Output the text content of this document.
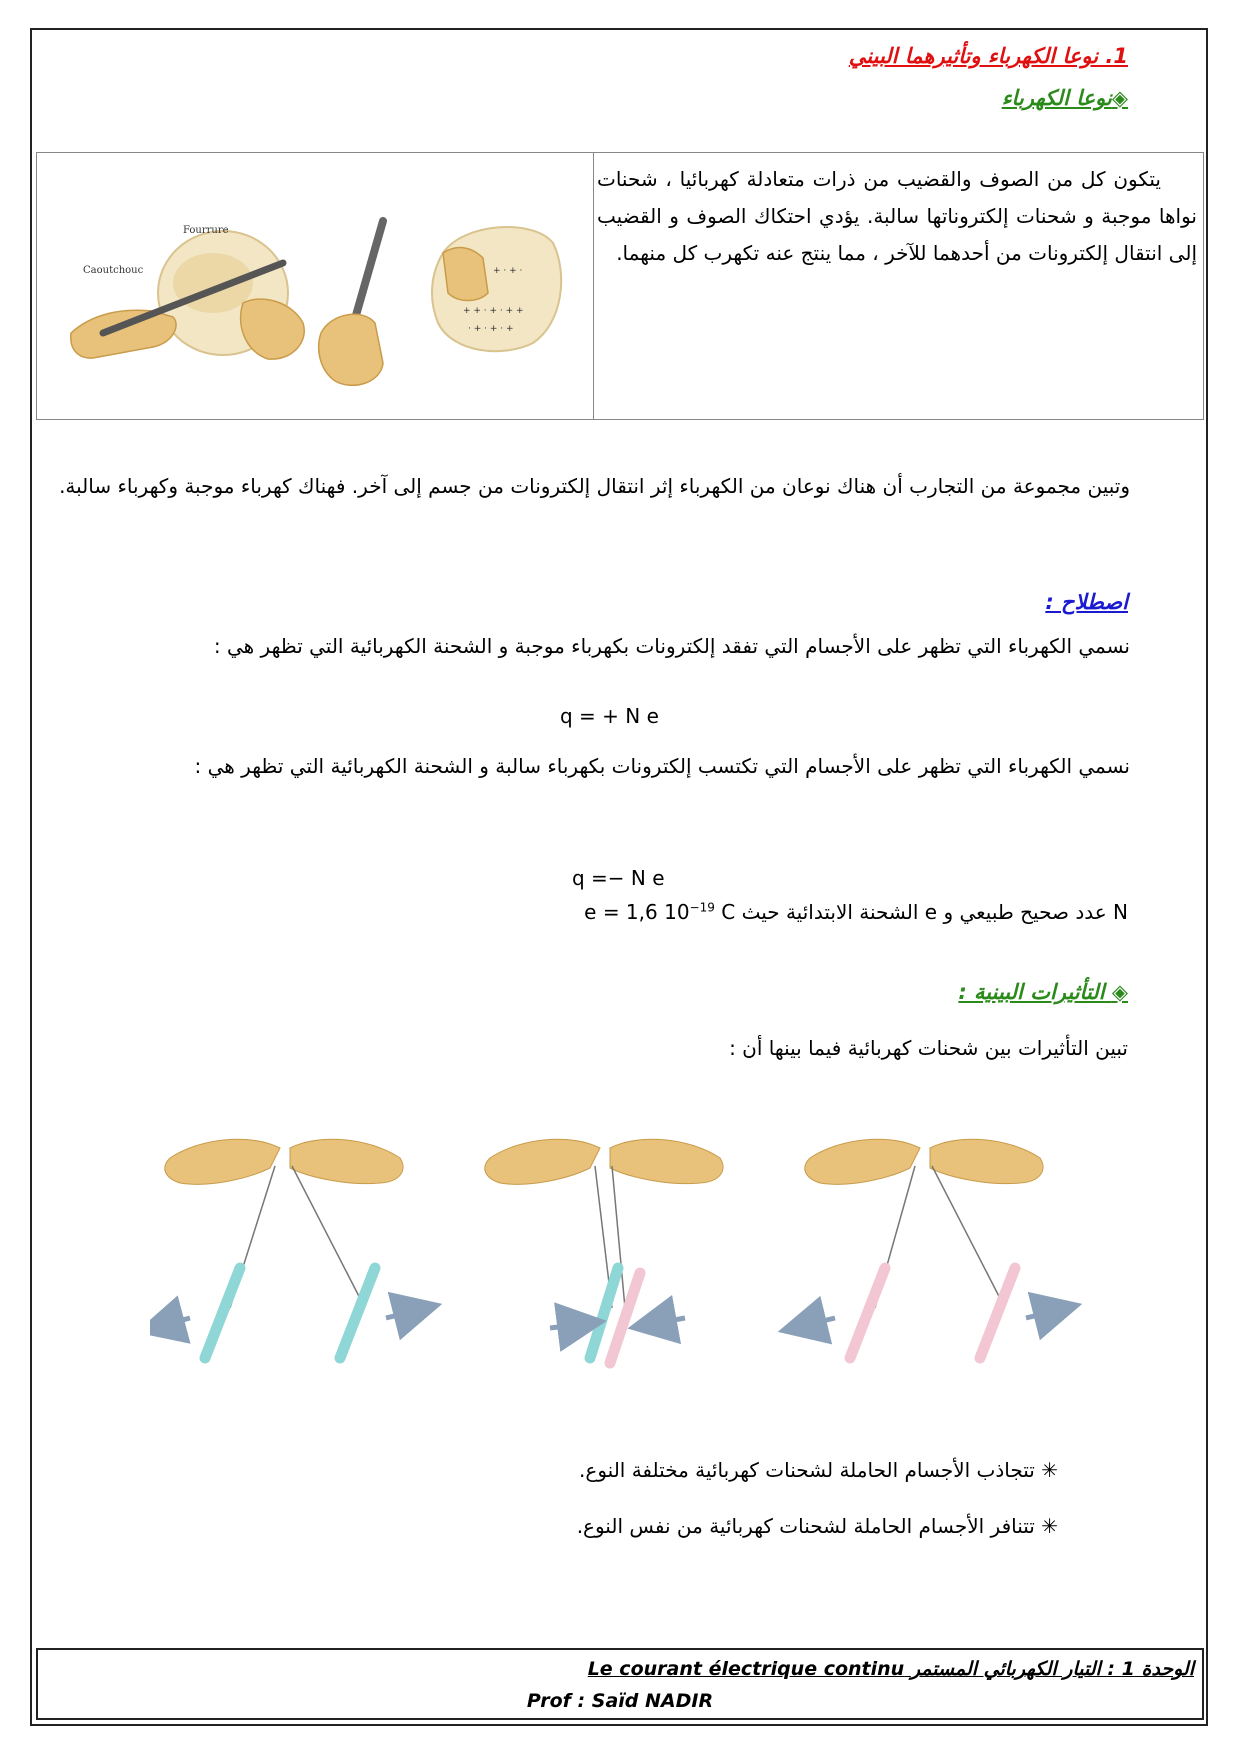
1. نوعا الكهرباء وتأثيرهما البيني
◈نوعا الكهرباء
يتكون كل من الصوف والقضيب من ذرات متعادلة كهربائيا ، شحنات نواها موجبة و شحنات إلكتروناتها سالبة. يؤدي احتكاك الصوف و القضيب إلى انتقال إلكترونات من أحدهما للآخر ، مما ينتج عنه تكهرب كل منهما.
Fourrure
Caoutchouc
+ + · + · + +
· + · + · +
+ · + ·
وتبين مجموعة من التجارب أن هناك نوعان من الكهرباء إثر انتقال إلكترونات من جسم إلى آخر. فهناك كهرباء موجبة وكهرباء سالبة.
اصطلاح :
نسمي الكهرباء التي تظهر على الأجسام التي تفقد إلكترونات بكهرباء موجبة و الشحنة الكهربائية التي تظهر هي :
q = + N e
نسمي الكهرباء التي تظهر على الأجسام التي تكتسب إلكترونات بكهرباء سالبة و الشحنة الكهربائية التي تظهر هي :
q =− N e
e = 1,6 $10^{-19}$ C N عدد صحيح طبيعي و e الشحنة الابتدائية حيث
◈ التأثيرات البينية :
تبين التأثيرات بين شحنات كهربائية فيما بينها أن :
✳ تتجاذب الأجسام الحاملة لشحنات كهربائية مختلفة النوع.
✳ تتنافر الأجسام الحاملة لشحنات كهربائية من نفس النوع.
الوحدة 1 : التيار الكهربائي المستمر Le courant électrique continu
Prof : Saïd NADIR
